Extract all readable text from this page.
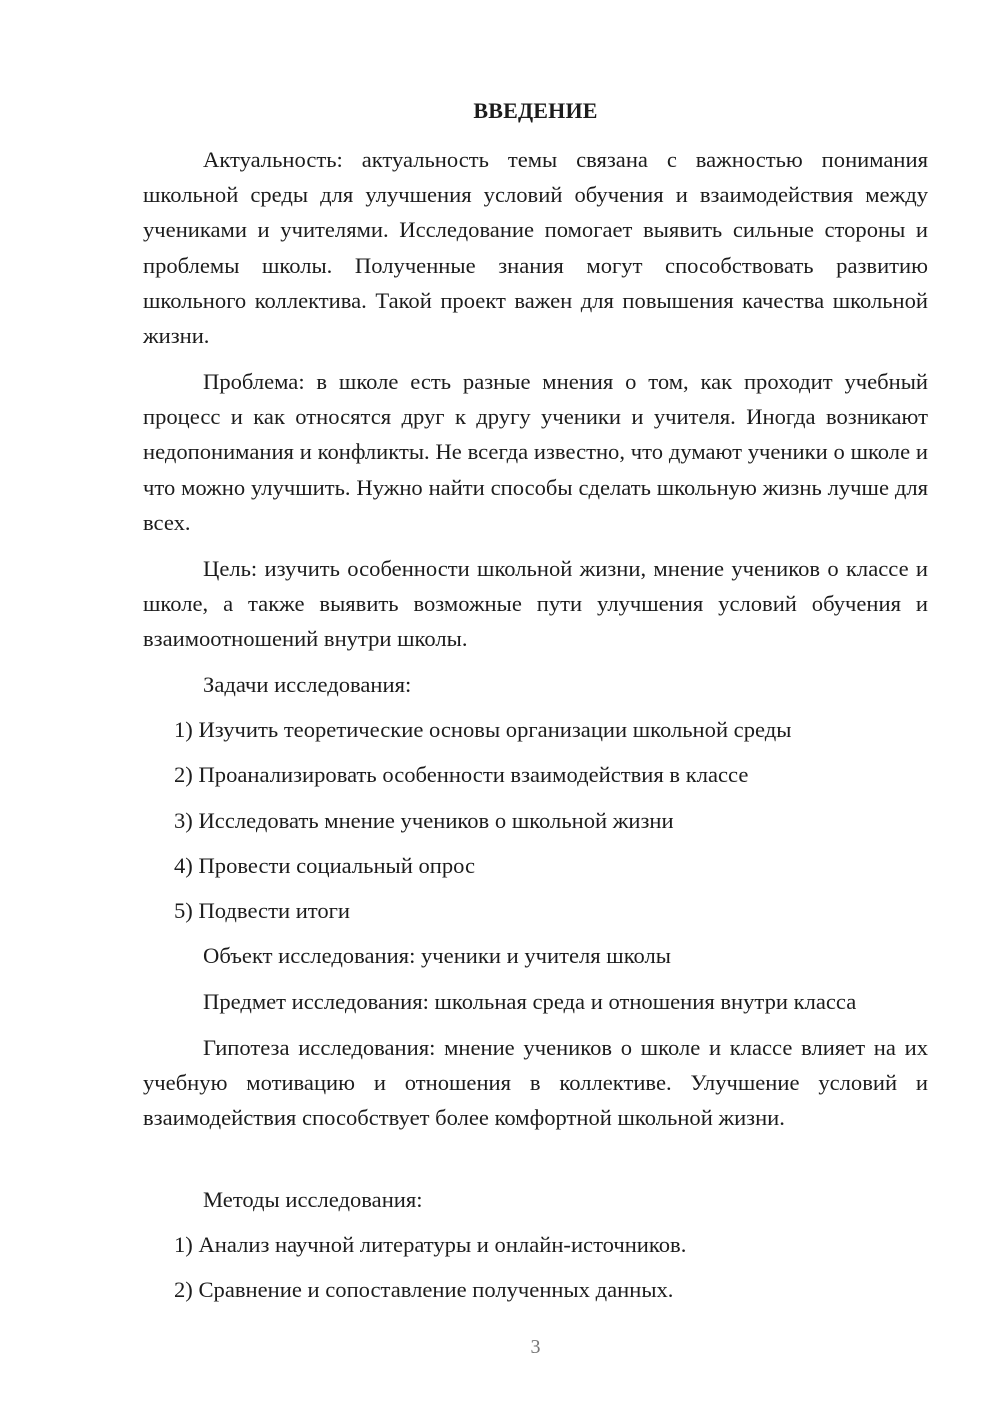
ВВЕДЕНИЕ

Актуальность: актуальность темы связана с важностью понимания школьной среды для улучшения условий обучения и взаимодействия между учениками и учителями. Исследование помогает выявить сильные стороны и проблемы школы. Полученные знания могут способствовать развитию школьного коллектива. Такой проект важен для повышения качества школьной жизни.

Проблема: в школе есть разные мнения о том, как проходит учебный процесс и как относятся друг к другу ученики и учителя. Иногда возникают недопонимания и конфликты. Не всегда известно, что думают ученики о школе и что можно улучшить. Нужно найти способы сделать школьную жизнь лучше для всех.

Цель: изучить особенности школьной жизни, мнение учеников о классе и школе, а также выявить возможные пути улучшения условий обучения и взаимоотношений внутри школы.

Задачи исследования:

1) Изучить теоретические основы организации школьной среды

2) Проанализировать особенности взаимодействия в классе

3) Исследовать мнение учеников о школьной жизни

4) Провести социальный опрос

5) Подвести итоги

Объект исследования: ученики и учителя школы

Предмет исследования: школьная среда и отношения внутри класса

Гипотеза исследования: мнение учеников о школе и классе влияет на их учебную мотивацию и отношения в коллективе. Улучшение условий и взаимодействия способствует более комфортной школьной жизни.

Методы исследования:

1) Анализ научной литературы и онлайн-источников.

2) Сравнение и сопоставление полученных данных.

3
